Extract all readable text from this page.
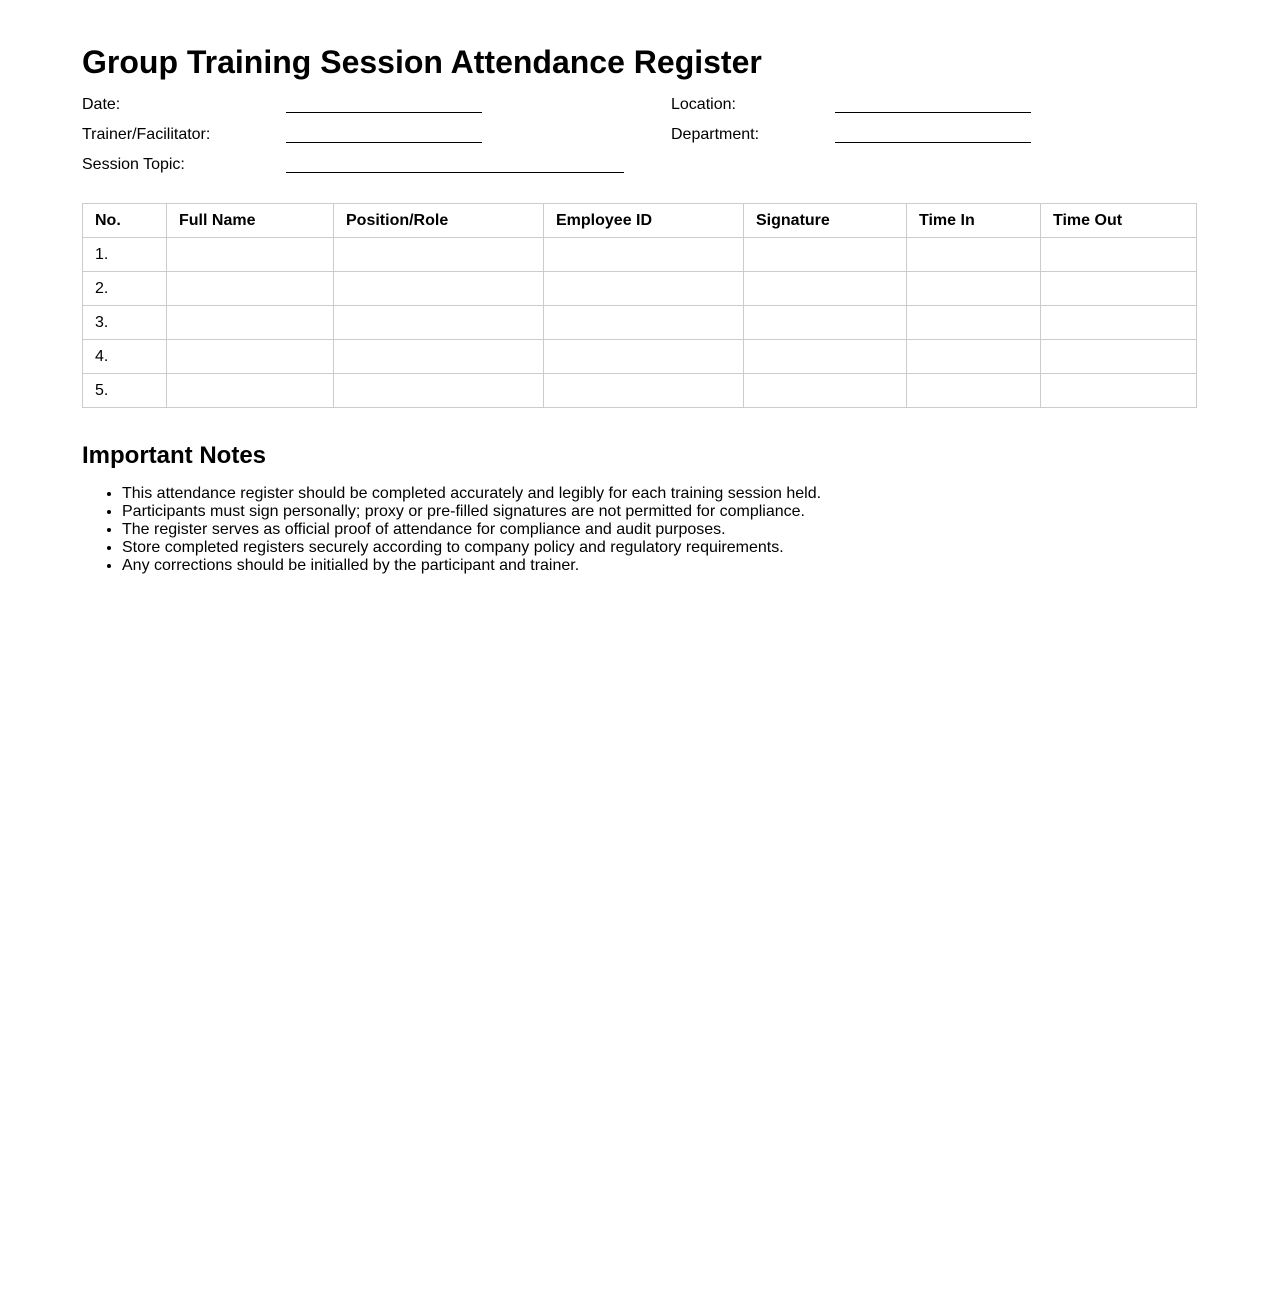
Group Training Session Attendance Register
Date:	Location:
Trainer/Facilitator:	Department:
Session Topic:
No.	Full Name	Position/Role	Employee ID	Signature	Time In	Time Out
1.						
2.						
3.						
4.						
5.						
Important Notes
• This attendance register should be completed accurately and legibly for each training session held.
• Participants must sign personally; proxy or pre-filled signatures are not permitted for compliance.
• The register serves as official proof of attendance for compliance and audit purposes.
• Store completed registers securely according to company policy and regulatory requirements.
• Any corrections should be initialled by the participant and trainer.
